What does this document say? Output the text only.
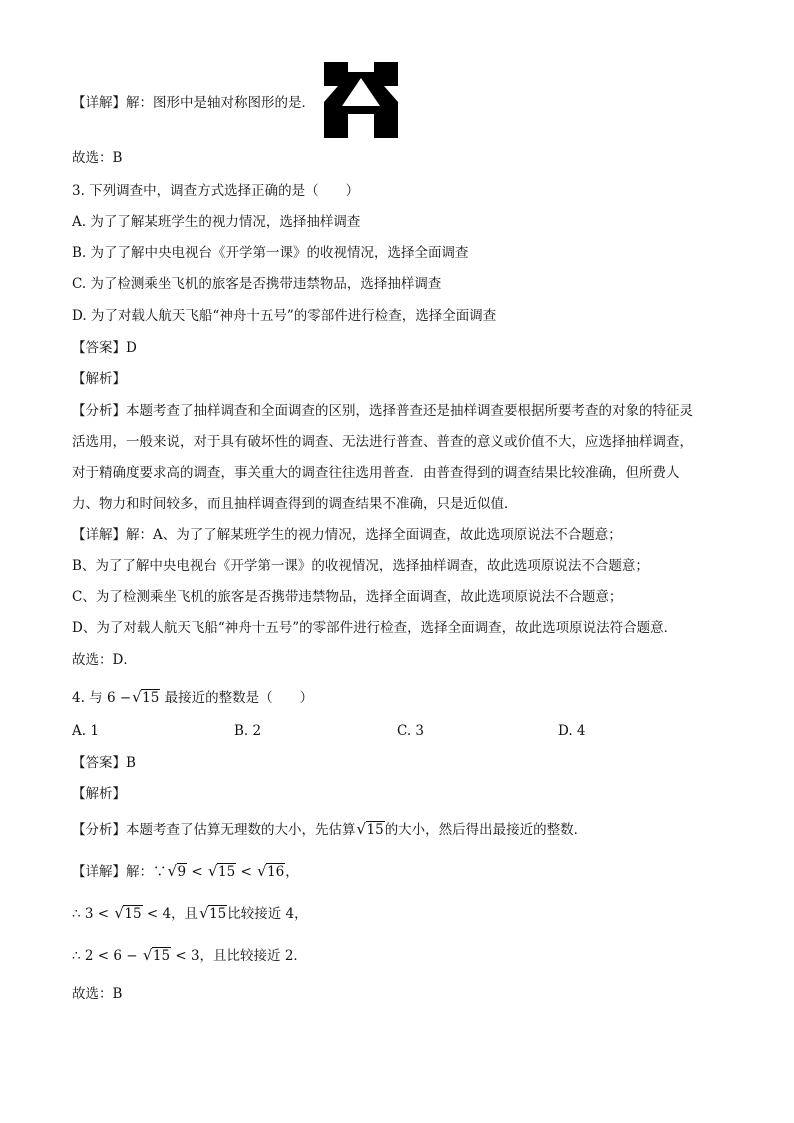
【详解】解：图形中是轴对称图形的是．
故选：B
3. 下列调查中，调查方式选择正确的是（　　）
A. 为了了解某班学生的视力情况，选择抽样调查
B. 为了了解中央电视台《开学第一课》的收视情况，选择全面调查
C. 为了检测乘坐飞机的旅客是否携带违禁物品，选择抽样调查
D. 为了对载人航天飞船“神舟十五号”的零部件进行检查，选择全面调查
【答案】D
【解析】
【分析】本题考查了抽样调查和全面调查的区别，选择普查还是抽样调查要根据所要考查的对象的特征灵
活选用，一般来说，对于具有破坏性的调查、无法进行普查、普查的意义或价值不大，应选择抽样调查，
对于精确度要求高的调查，事关重大的调查往往选用普查．由普查得到的调查结果比较准确，但所费人
力、物力和时间较多，而且抽样调查得到的调查结果不准确，只是近似值．
【详解】解：A、为了了解某班学生的视力情况，选择全面调查，故此选项原说法不合题意；
B、为了了解中央电视台《开学第一课》的收视情况，选择抽样调查，故此选项原说法不合题意；
C、为了检测乘坐飞机的旅客是否携带违禁物品，选择全面调查，故此选项原说法不合题意；
D、为了对载人航天飞船“神舟十五号”的零部件进行检查，选择全面调查，故此选项原说法符合题意．
故选：D．
4. 与 6 − √ 15 最接近的整数是（　　）
A. 1	B. 2	C. 3	D. 4
【答案】B
【解析】
【分析】本题考查了估算无理数的大小，先估算 √ 15的大小，然后得出最接近的整数．
【详解】解：∵ √ 9 < √ 15 < √ 16，
∴ 3 < √ 15 < 4，且 √ 15比较接近 4，
∴ 2 < 6 − √ 15 < 3，且比较接近 2．
故选：B
